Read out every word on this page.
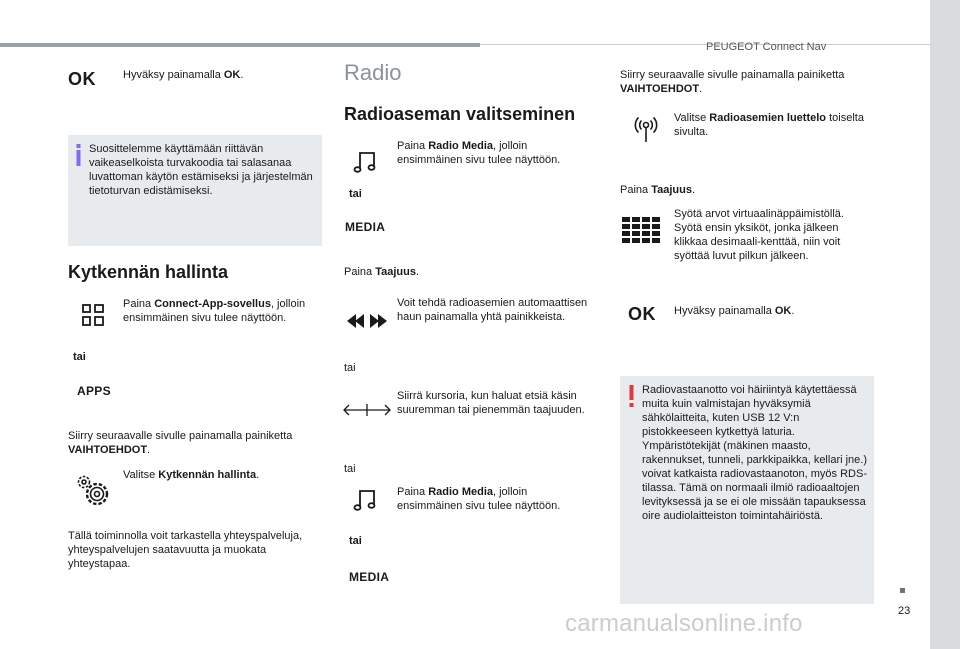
PEUGEOT Connect Nav
23
OK Hyväksy painamalla OK.
Suosittelemme käyttämään riittävän vaikeaselkoista turvakoodia tai salasanaa luvattoman käytön estämiseksi ja järjestelmän tietoturvan edistämiseksi.
Kytkennän hallinta
Paina Connect-App-sovellus, jolloin ensimmäinen sivu tulee näyttöön.
tai
APPS
Siirry seuraavalle sivulle painamalla painiketta VAIHTOEHDOT.
Valitse Kytkennän hallinta.
Tällä toiminnolla voit tarkastella yhteyspalveluja, yhteyspalvelujen saatavuutta ja muokata yhteystapaa.
Radio
Radioaseman valitseminen
Paina Radio Media, jolloin ensimmäinen sivu tulee näyttöön.
tai
MEDIA
Paina Taajuus.
Voit tehdä radioasemien automaattisen haun painamalla yhtä painikkeista.
tai
Siirrä kursoria, kun haluat etsiä käsin suuremman tai pienemmän taajuuden.
tai
Paina Radio Media, jolloin ensimmäinen sivu tulee näyttöön.
tai
MEDIA
Siirry seuraavalle sivulle painamalla painiketta VAIHTOEHDOT.
Valitse Radioasemien luettelo toiselta sivulta.
Paina Taajuus.
Syötä arvot virtuaalinäppäimistöllä. Syötä ensin yksiköt, jonka jälkeen klikkaa desimaali-kenttää, niin voit syöttää luvut pilkun jälkeen.
OK Hyväksy painamalla OK.
Radiovastaanotto voi häiriintyä käytettäessä muita kuin valmistajan hyväksymiä sähkölaitteita, kuten USB 12 V:n pistokkeeseen kytkettyä laturia. Ympäristötekijät (mäkinen maasto, rakennukset, tunneli, parkkipaikka, kellari jne.) voivat katkaista radiovastaanoton, myös RDS-tilassa. Tämä on normaali ilmiö radioaaltojen levityksessä ja se ei ole missään tapauksessa oire audiolaitteiston toimintahäiriöstä.
carmanualsonline.info
